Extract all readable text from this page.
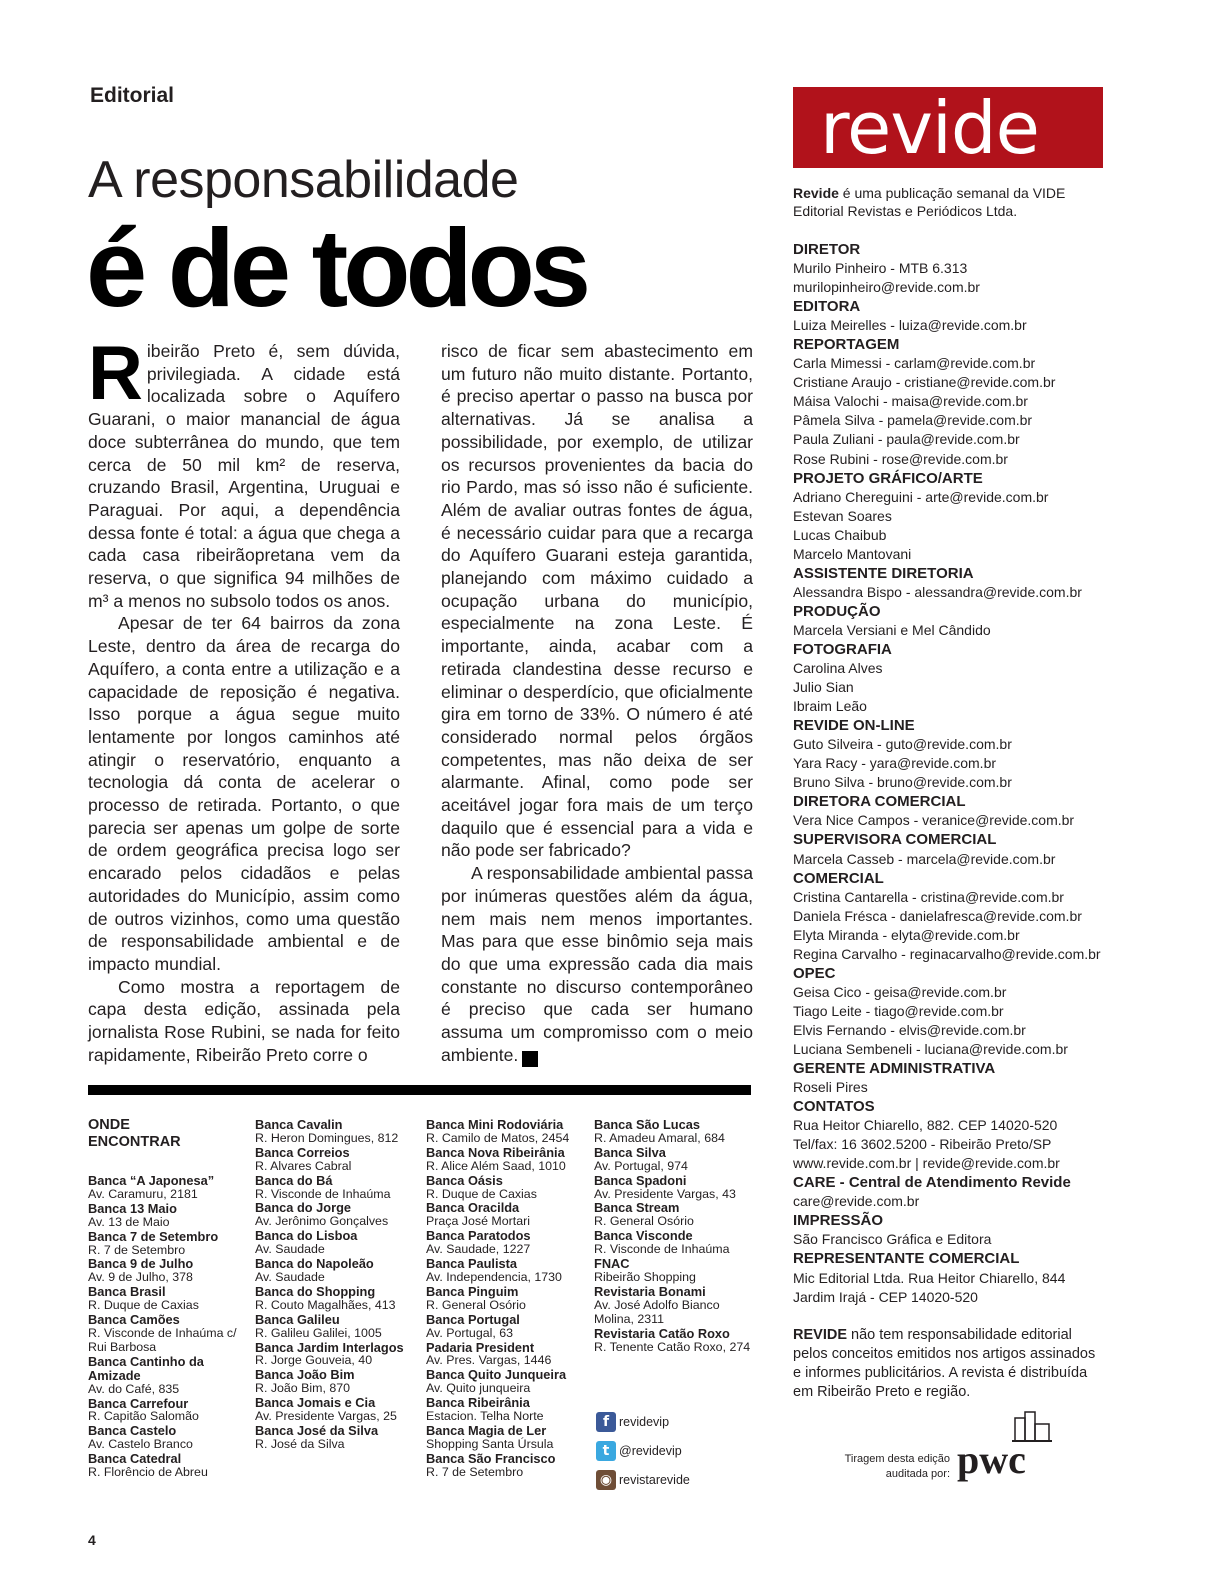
Editorial
A responsabilidade
é de todos

Ribeirão Preto é, sem dúvida, privilegiada. A cidade está localizada sobre o Aquífero Guarani, o maior manancial de água doce subterrânea do mundo, que tem cerca de 50 mil km² de reserva, cruzando Brasil, Argentina, Uruguai e Paraguai. Por aqui, a dependência dessa fonte é total: a água que chega a cada casa ribeirãopretana vem da reserva, o que significa 94 milhões de m³ a menos no subsolo todos os anos.

Apesar de ter 64 bairros da zona Leste, dentro da área de recarga do Aquífero, a conta entre a utilização e a capacidade de reposição é negativa. Isso porque a água segue muito lentamente por longos caminhos até atingir o reservatório, enquanto a tecnologia dá conta de acelerar o processo de retirada. Portanto, o que parecia ser apenas um golpe de sorte de ordem geográfica precisa logo ser encarado pelos cidadãos e pelas autoridades do Município, assim como de outros vizinhos, como uma questão de responsabilidade ambiental e de impacto mundial.

Como mostra a reportagem de capa desta edição, assinada pela jornalista Rose Rubini, se nada for feito rapidamente, Ribeirão Preto corre o

risco de ficar sem abastecimento em um futuro não muito distante. Portanto, é preciso apertar o passo na busca por alternativas. Já se analisa a possibilidade, por exemplo, de utilizar os recursos provenientes da bacia do rio Pardo, mas só isso não é suficiente. Além de avaliar outras fontes de água, é necessário cuidar para que a recarga do Aquífero Guarani esteja garantida, planejando com máximo cuidado a ocupação urbana do município, especialmente na zona Leste. É importante, ainda, acabar com a retirada clandestina desse recurso e eliminar o desperdício, que oficialmente gira em torno de 33%. O número é até considerado normal pelos órgãos competentes, mas não deixa de ser alarmante. Afinal, como pode ser aceitável jogar fora mais de um terço daquilo que é essencial para a vida e não pode ser fabricado?

A responsabilidade ambiental passa por inúmeras questões além da água, nem mais nem menos importantes. Mas para que esse binômio seja mais do que uma expressão cada dia mais constante no discurso contemporâneo é preciso que cada ser humano assuma um compromisso com o meio ambiente.r

ONDE ENCONTRAR
Banca “A Japonesa”
Av. Caramuru, 2181
Banca 13 Maio
Av. 13 de Maio
Banca 7 de Setembro
R. 7 de Setembro
Banca 9 de Julho
Av. 9 de Julho, 378
Banca Brasil
R. Duque de Caxias
Banca Camões
R. Visconde de Inhaúma c/ Rui Barbosa
Banca Cantinho da Amizade
Av. do Café, 835
Banca Carrefour
R. Capitão Salomão
Banca Castelo
Av. Castelo Branco
Banca Catedral
R. Florêncio de Abreu
Banca Cavalin
R. Heron Domingues, 812
Banca Correios
R. Alvares Cabral
Banca do Bá
R. Visconde de Inhaúma
Banca do Jorge
Av. Jerônimo Gonçalves
Banca do Lisboa
Av. Saudade
Banca do Napoleão
Av. Saudade
Banca do Shopping
R. Couto Magalhães, 413
Banca Galileu
R. Galileu Galilei, 1005
Banca Jardim Interlagos
R. Jorge Gouveia, 40
Banca João Bim
R. João Bim, 870
Banca Jomais e Cia
Av. Presidente Vargas, 25
Banca José da Silva
R. José da Silva
Banca Mini Rodoviária
R. Camilo de Matos, 2454
Banca Nova Ribeirânia
R. Alice Além Saad, 1010
Banca Oásis
R. Duque de Caxias
Banca Oracilda
Praça José Mortari
Banca Paratodos
Av. Saudade, 1227
Banca Paulista
Av. Independencia, 1730
Banca Pinguim
R. General Osório
Banca Portugal
Av. Portugal, 63
Padaria President
Av. Pres. Vargas, 1446
Banca Quito Junqueira
Av. Quito junqueira
Banca Ribeirânia
Estacion. Telha Norte
Banca Magia de Ler
Shopping Santa Úrsula
Banca São Francisco
R. 7 de Setembro
Banca São Lucas
R. Amadeu Amaral, 684
Banca Silva
Av. Portugal, 974
Banca Spadoni
Av. Presidente Vargas, 43
Banca Stream
R. General Osório
Banca Visconde
R. Visconde de Inhaúma
FNAC
Ribeirão Shopping
Revistaria Bonami
Av. José Adolfo Bianco Molina, 2311
Revistaria Catão Roxo
R. Tenente Catão Roxo, 274
f revidevip
t @revidevip
◉ revistarevide
4
revide
Revide é uma publicação semanal da VIDE Editorial Revistas e Periódicos Ltda.
DIRETOR
Murilo Pinheiro - MTB 6.313
murilopinheiro@revide.com.br
EDITORA
Luiza Meirelles - luiza@revide.com.br
REPORTAGEM
Carla Mimessi - carlam@revide.com.br
Cristiane Araujo - cristiane@revide.com.br
Máisa Valochi - maisa@revide.com.br
Pâmela Silva - pamela@revide.com.br
Paula Zuliani - paula@revide.com.br
Rose Rubini - rose@revide.com.br
PROJETO GRÁFICO/ARTE
Adriano Chereguini - arte@revide.com.br
Estevan Soares
Lucas Chaibub
Marcelo Mantovani
ASSISTENTE DIRETORIA
Alessandra Bispo - alessandra@revide.com.br
PRODUÇÃO
Marcela Versiani e Mel Cândido
FOTOGRAFIA
Carolina Alves
Julio Sian
Ibraim Leão
REVIDE ON-LINE
Guto Silveira - guto@revide.com.br
Yara Racy - yara@revide.com.br
Bruno Silva - bruno@revide.com.br
DIRETORA COMERCIAL
Vera Nice Campos - veranice@revide.com.br
SUPERVISORA COMERCIAL
Marcela Casseb - marcela@revide.com.br
COMERCIAL
Cristina Cantarella - cristina@revide.com.br
Daniela Frésca - danielafresca@revide.com.br
Elyta Miranda - elyta@revide.com.br
Regina Carvalho - reginacarvalho@revide.com.br
OPEC
Geisa Cico - geisa@revide.com.br
Tiago Leite - tiago@revide.com.br
Elvis Fernando - elvis@revide.com.br
Luciana Sembeneli - luciana@revide.com.br
GERENTE ADMINISTRATIVA
Roseli Pires
CONTATOS
Rua Heitor Chiarello, 882. CEP 14020-520
Tel/fax: 16 3602.5200 - Ribeirão Preto/SP
www.revide.com.br | revide@revide.com.br
CARE - Central de Atendimento Revide
care@revide.com.br
IMPRESSÃO
São Francisco Gráfica e Editora
REPRESENTANTE COMERCIAL
Mic Editorial Ltda. Rua Heitor Chiarello, 844
Jardim Irajá - CEP 14020-520
REVIDE não tem responsabilidade editorial pelos conceitos emitidos nos artigos assinados e informes publicitários. A revista é distribuída em Ribeirão Preto e região.
Tiragem desta edição auditada por: pwc
